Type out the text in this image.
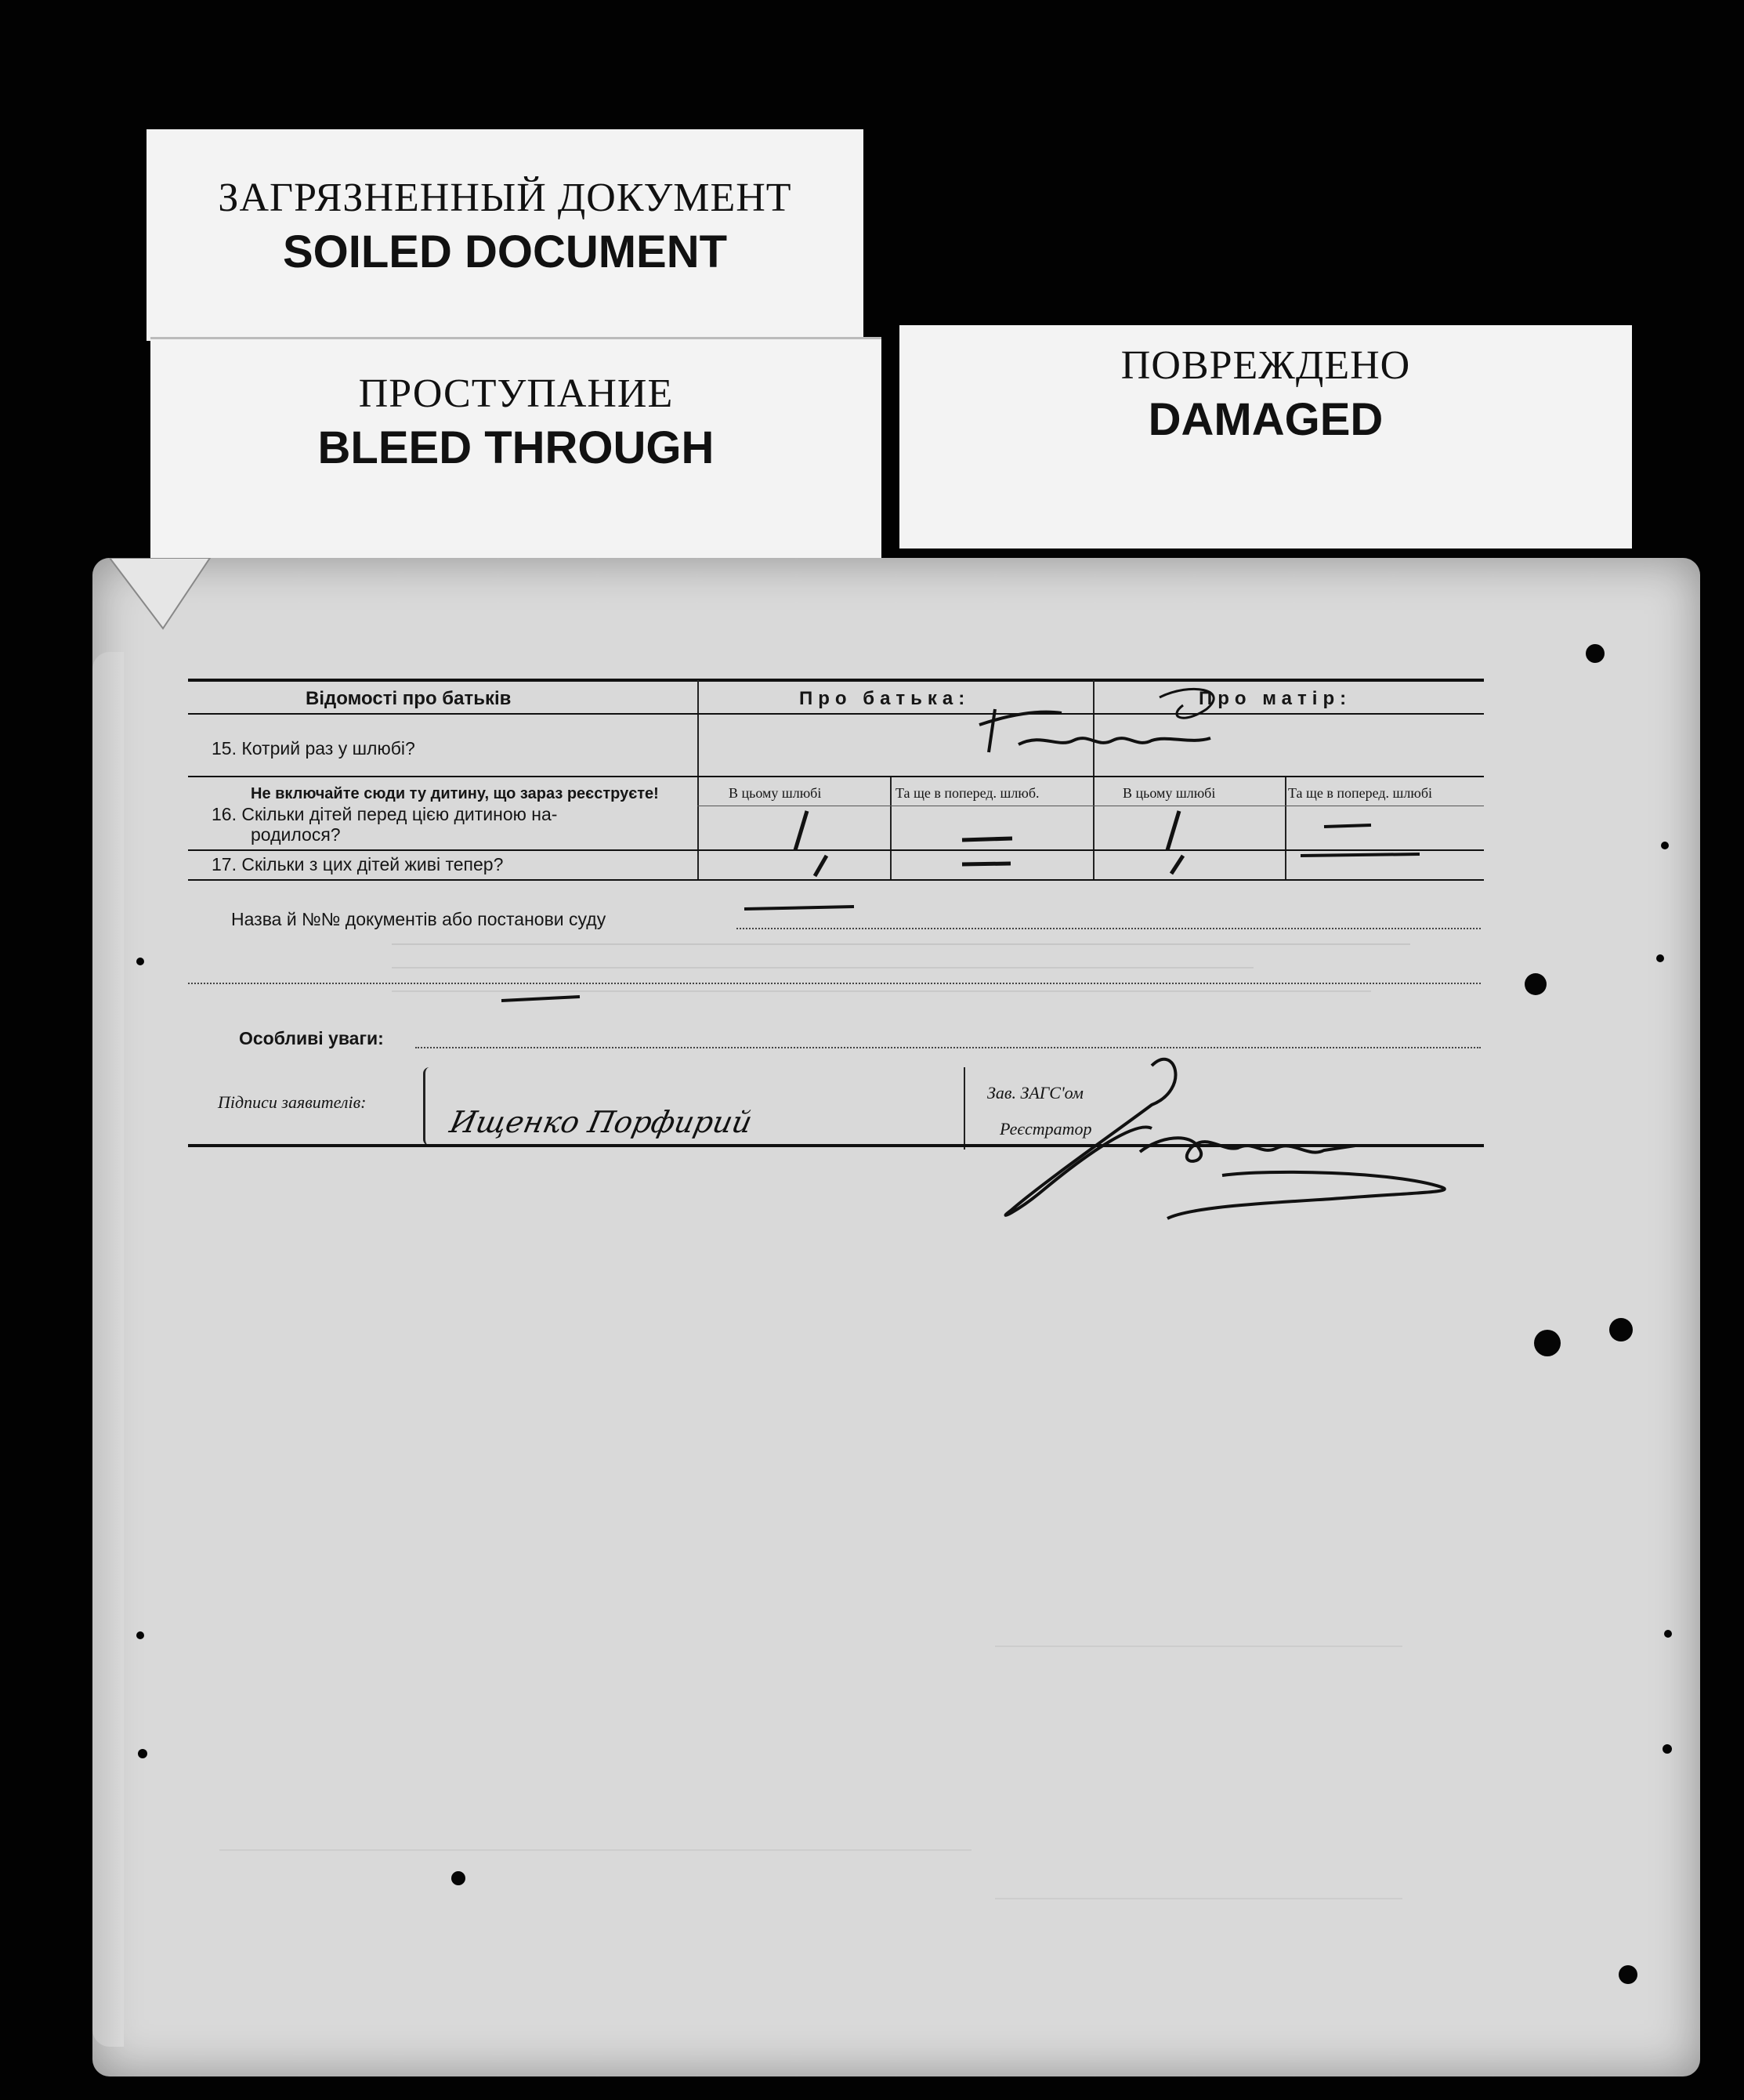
ЗАГРЯЗНЕННЫЙ ДОКУМЕНТ
SOILED DOCUMENT
ПРОСТУПАНИЕ
BLEED THROUGH
ПОВРЕЖДЕНО
DAMAGED
Відомості про батьків	Про батька:	Про матір:
15. Котрий раз у шлюбі?
Не включайте сюди ту дитину, що зараз реєструєте!	В цьому шлюбі	Та ще в поперед. шлюб.	В цьому шлюбі	Та ще в поперед. шлюбі
16. Скільки дітей перед цією дитиною на-
родилося?
17. Скільки з цих дітей живі тепер?
Назва й №№ документів або постанови суду
Особливі уваги:
Підписи заявителів:	Зав. ЗАГС'ом
Реєстратор
Ищенко Порфирий
